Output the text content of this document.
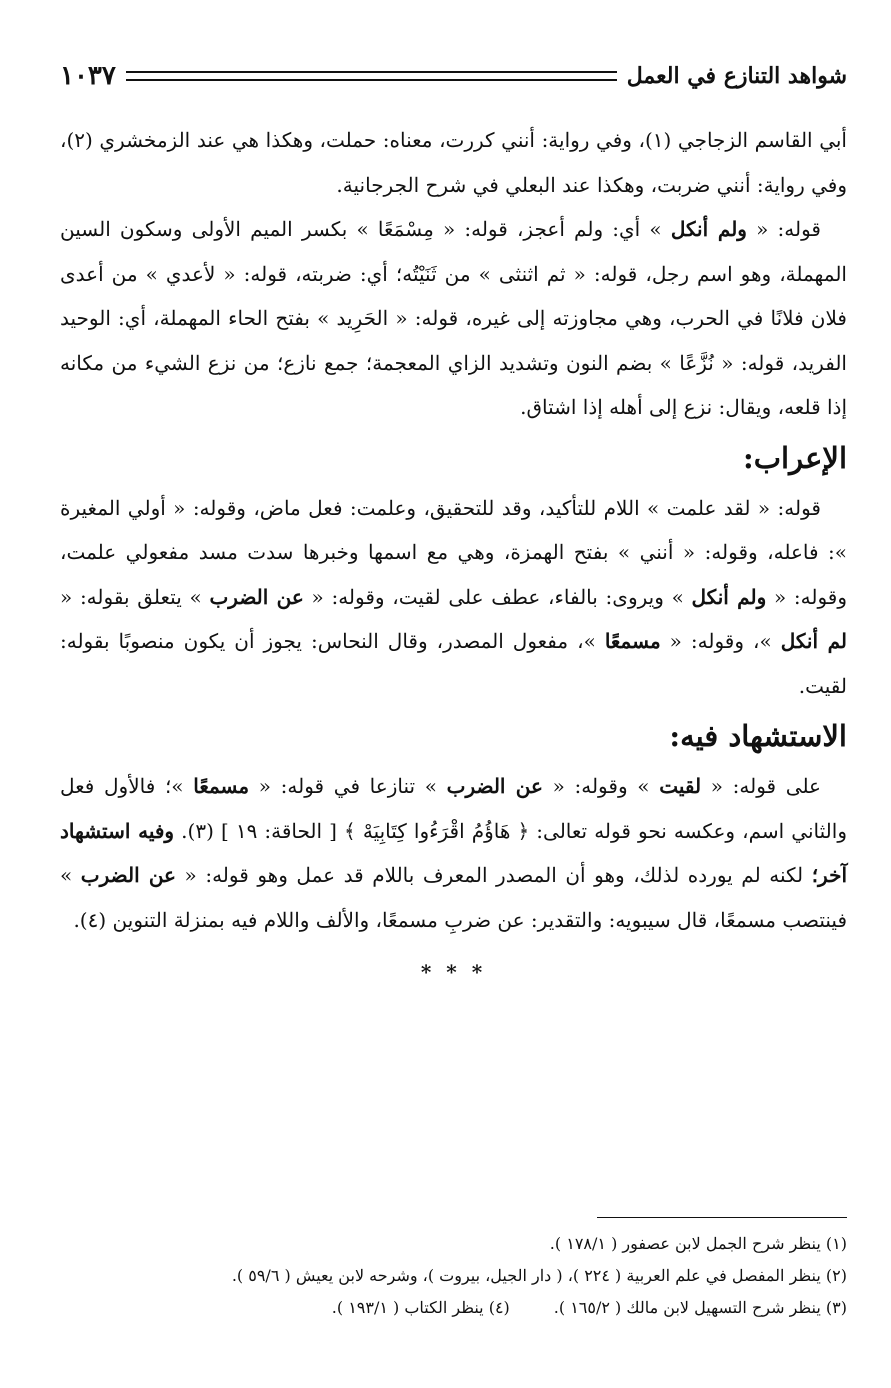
شواهد التنازع في العمل
١٠٣٧

أبي القاسم الزجاجي (١)، وفي رواية: أنني كررت، معناه: حملت، وهكذا هي عند الزمخشري (٢)، وفي رواية: أنني ضربت، وهكذا عند البعلي في شرح الجرجانية.

قوله: « ولم أنكل » أي: ولم أعجز، قوله: « مِسْمَعًا » بكسر الميم الأولى وسكون السين المهملة، وهو اسم رجل، قوله: « ثم اثنثى » من ثَنَيْتُه؛ أي: ضربته، قوله: « لأعدي » من أعدى فلان فلانًا في الحرب، وهي مجاوزته إلى غيره، قوله: « الحَرِيد » بفتح الحاء المهملة، أي: الوحيد الفريد، قوله: « نُزَّعًا » بضم النون وتشديد الزاي المعجمة؛ جمع نازع؛ من نزع الشيء من مكانه إذا قلعه، ويقال: نزع إلى أهله إذا اشتاق.

الإعراب:

قوله: « لقد علمت » اللام للتأكيد، وقد للتحقيق، وعلمت: فعل ماض، وقوله: « أولي المغيرة »: فاعله، وقوله: « أنني » بفتح الهمزة، وهي مع اسمها وخبرها سدت مسد مفعولي علمت، وقوله: « ولم أنكل » ويروى: بالفاء، عطف على لقيت، وقوله: « عن الضرب » يتعلق بقوله: « لم أنكل »، وقوله: « مسمعًا »، مفعول المصدر، وقال النحاس: يجوز أن يكون منصوبًا بقوله: لقيت.

الاستشهاد فيه:

على قوله: « لقيت » وقوله: « عن الضرب » تنازعا في قوله: « مسمعًا »؛ فالأول فعل والثاني اسم، وعكسه نحو قوله تعالى: ﴿ هَاؤُمُ اقْرَءُوا كِتَابِيَهْ ﴾ [ الحاقة: ١٩ ] (٣). وفيه استشهاد آخر؛ لكنه لم يورده لذلك، وهو أن المصدر المعرف باللام قد عمل وهو قوله: « عن الضرب » فينتصب مسمعًا، قال سيبويه: والتقدير: عن ضربِ مسمعًا، والألف واللام فيه بمنزلة التنوين (٤).

* * *

(١) ينظر شرح الجمل لابن عصفور ( ١٧٨/١ ).

(٢) ينظر المفصل في علم العربية ( ٢٢٤ )، ( دار الجيل، بيروت )، وشرحه لابن يعيش ( ٥٩/٦ ).

(٣) ينظر شرح التسهيل لابن مالك ( ١٦٥/٢ ).(٤) ينظر الكتاب ( ١٩٣/١ ).
